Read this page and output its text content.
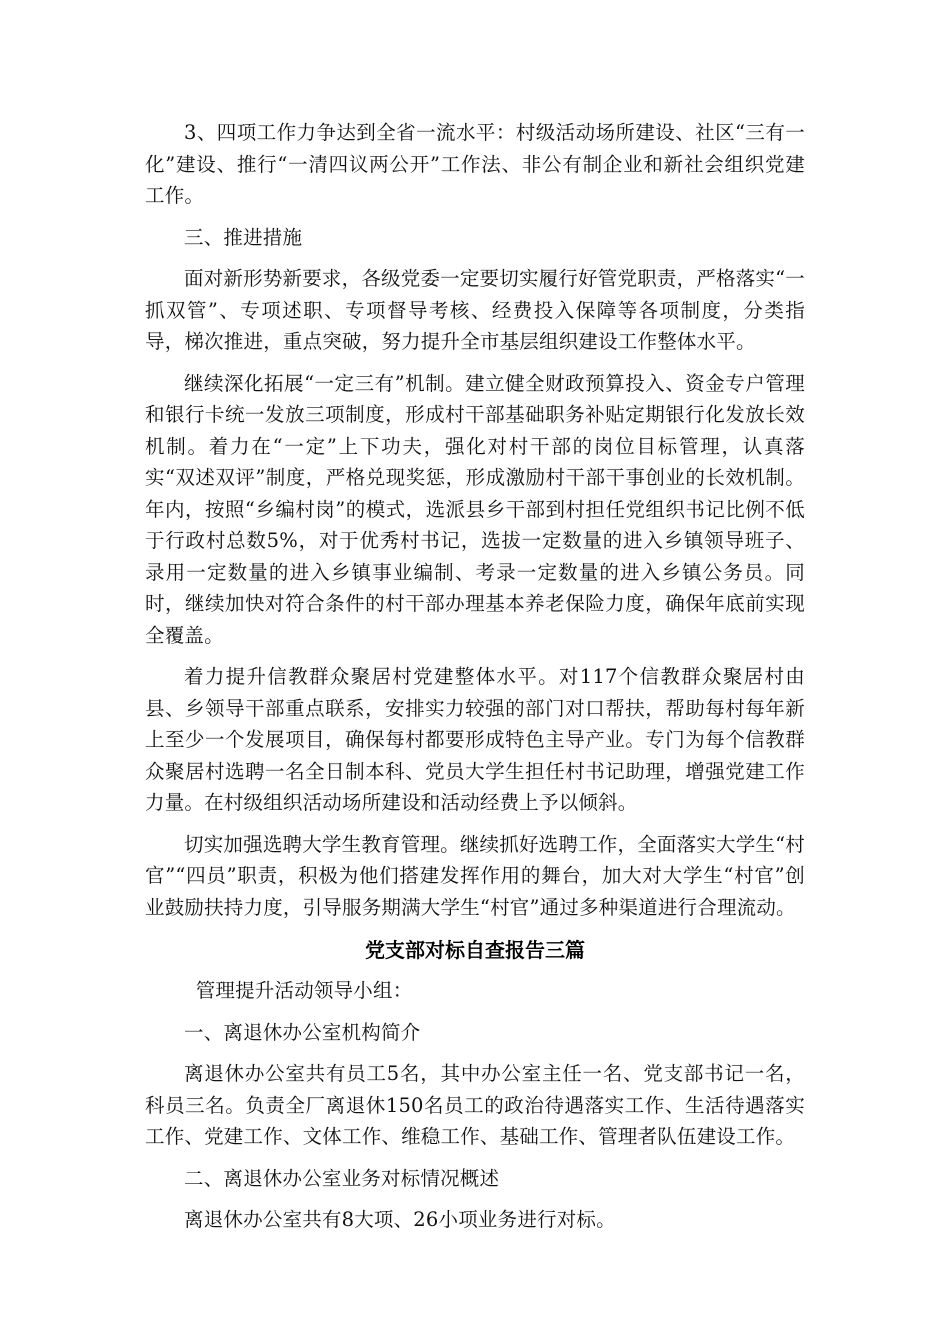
3、四项工作力争达到全省一流水平：村级活动场所建设、社区“三有一化”建设、推行“一清四议两公开”工作法、非公有制企业和新社会组织党建工作。

三、推进措施

面对新形势新要求，各级党委一定要切实履行好管党职责，严格落实“一抓双管”、专项述职、专项督导考核、经费投入保障等各项制度，分类指导，梯次推进，重点突破，努力提升全市基层组织建设工作整体水平。

继续深化拓展“一定三有”机制。建立健全财政预算投入、资金专户管理和银行卡统一发放三项制度，形成村干部基础职务补贴定期银行化发放长效机制。着力在“一定”上下功夫，强化对村干部的岗位目标管理，认真落实“双述双评”制度，严格兑现奖惩，形成激励村干部干事创业的长效机制。年内，按照“乡编村岗”的模式，选派县乡干部到村担任党组织书记比例不低于行政村总数5%，对于优秀村书记，选拔一定数量的进入乡镇领导班子、录用一定数量的进入乡镇事业编制、考录一定数量的进入乡镇公务员。同时，继续加快对符合条件的村干部办理基本养老保险力度，确保年底前实现全覆盖。

着力提升信教群众聚居村党建整体水平。对117个信教群众聚居村由县、乡领导干部重点联系，安排实力较强的部门对口帮扶，帮助每村每年新上至少一个发展项目，确保每村都要形成特色主导产业。专门为每个信教群众聚居村选聘一名全日制本科、党员大学生担任村书记助理，增强党建工作力量。在村级组织活动场所建设和活动经费上予以倾斜。

切实加强选聘大学生教育管理。继续抓好选聘工作，全面落实大学生“村官”“四员”职责，积极为他们搭建发挥作用的舞台，加大对大学生“村官”创业鼓励扶持力度，引导服务期满大学生“村官”通过多种渠道进行合理流动。

党支部对标自查报告三篇

管理提升活动领导小组：

一、离退休办公室机构简介

离退休办公室共有员工5名，其中办公室主任一名、党支部书记一名，科员三名。负责全厂离退休150名员工的政治待遇落实工作、生活待遇落实工作、党建工作、文体工作、维稳工作、基础工作、管理者队伍建设工作。

二、离退休办公室业务对标情况概述

离退休办公室共有8大项、26小项业务进行对标。
